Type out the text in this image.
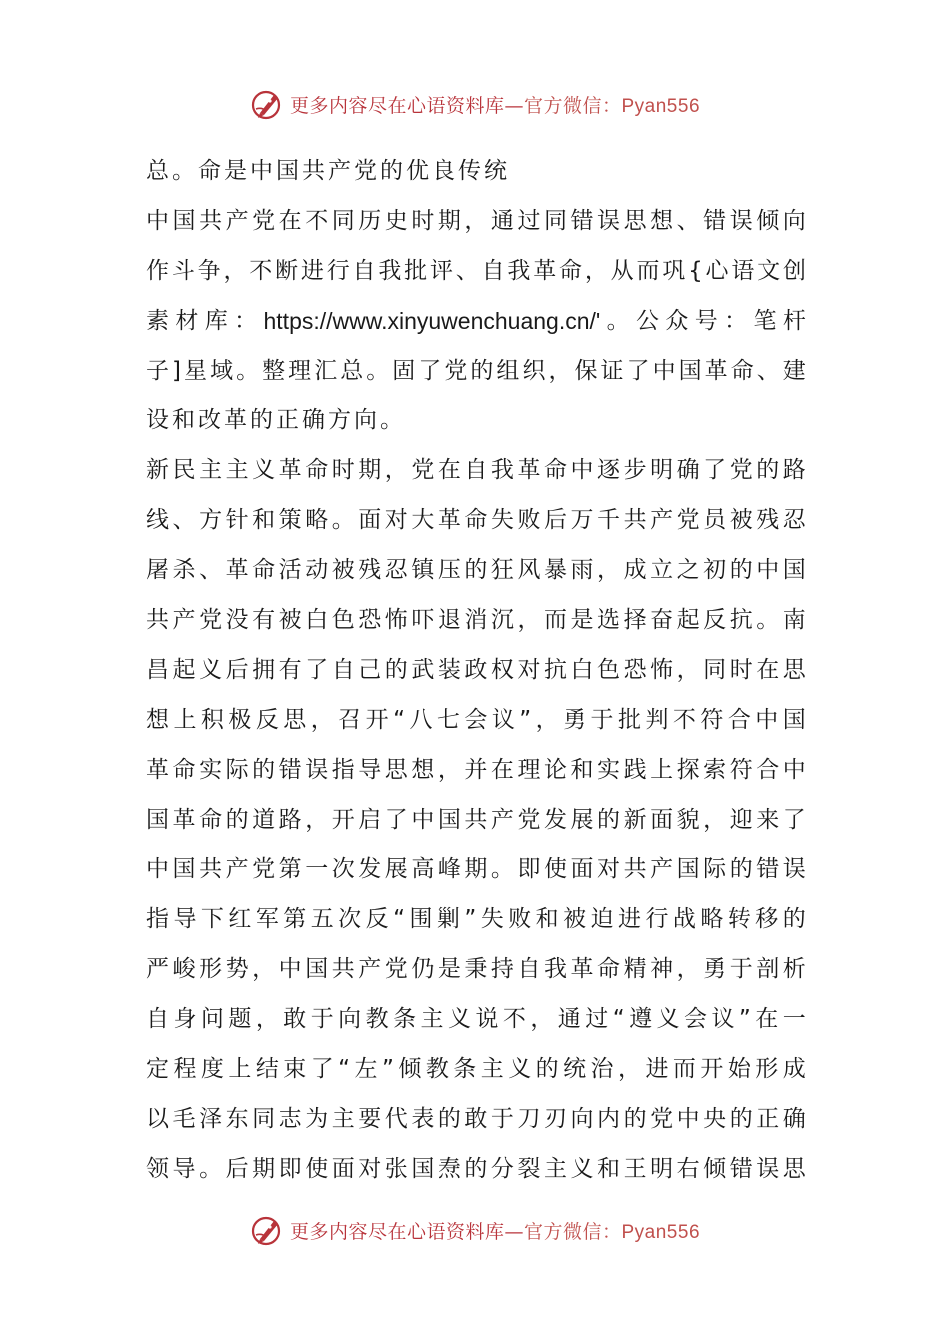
更多内容尽在心语资料库—官方微信：Pyan556
总。命是中国共产党的优良传统
中 国 共 产 党 在 不 同 历 史 时 期 ， 通 过 同 错 误 思 想 、 错 误 倾 向
作 斗 争 ， 不 断 进 行 自 我 批 评 、 自 我 革 命 ， 从 而 巩 { 心 语 文 创
素 材 库 ： https://www.xinyuwenchuang.cn/' 。 公 众 号 ： 笔 杆
子 ] 星 域 。 整 理 汇 总 。 固 了 党 的 组 织 ， 保 证 了 中 国 革 命 、 建
设和改革的正确方向。
新 民 主 主 义 革 命 时 期 ， 党 在 自 我 革 命 中 逐 步 明 确 了 党 的 路
线 、 方 针 和 策 略 。 面 对 大 革 命 失 败 后 万 千 共 产 党 员 被 残 忍
屠 杀 、 革 命 活 动 被 残 忍 镇 压 的 狂 风 暴 雨 ， 成 立 之 初 的 中 国
共 产 党 没 有 被 白 色 恐 怖 吓 退 消 沉 ， 而 是 选 择 奋 起 反 抗 。 南
昌 起 义 后 拥 有 了 自 己 的 武 装 政 权 对 抗 白 色 恐 怖 ， 同 时 在 思
想 上 积 极 反 思 ， 召 开 “ 八 七 会 议 ” ， 勇 于 批 判 不 符 合 中 国
革 命 实 际 的 错 误 指 导 思 想 ， 并 在 理 论 和 实 践 上 探 索 符 合 中
国 革 命 的 道 路 ， 开 启 了 中 国 共 产 党 发 展 的 新 面 貌 ， 迎 来 了
中 国 共 产 党 第 一 次 发 展 高 峰 期 。 即 使 面 对 共 产 国 际 的 错 误
指 导 下 红 军 第 五 次 反 “ 围 剿 ” 失 败 和 被 迫 进 行 战 略 转 移 的
严 峻 形 势 ， 中 国 共 产 党 仍 是 秉 持 自 我 革 命 精 神 ， 勇 于 剖 析
自 身 问 题 ， 敢 于 向 教 条 主 义 说 不 ， 通 过 “ 遵 义 会 议 ” 在 一
定 程 度 上 结 束 了 “ 左 ” 倾 教 条 主 义 的 统 治 ， 进 而 开 始 形 成
以 毛 泽 东 同 志 为 主 要 代 表 的 敢 于 刀 刃 向 内 的 党 中 央 的 正 确
领 导 。 后 期 即 使 面 对 张 国 焘 的 分 裂 主 义 和 王 明 右 倾 错 误 思
更多内容尽在心语资料库—官方微信：Pyan556
